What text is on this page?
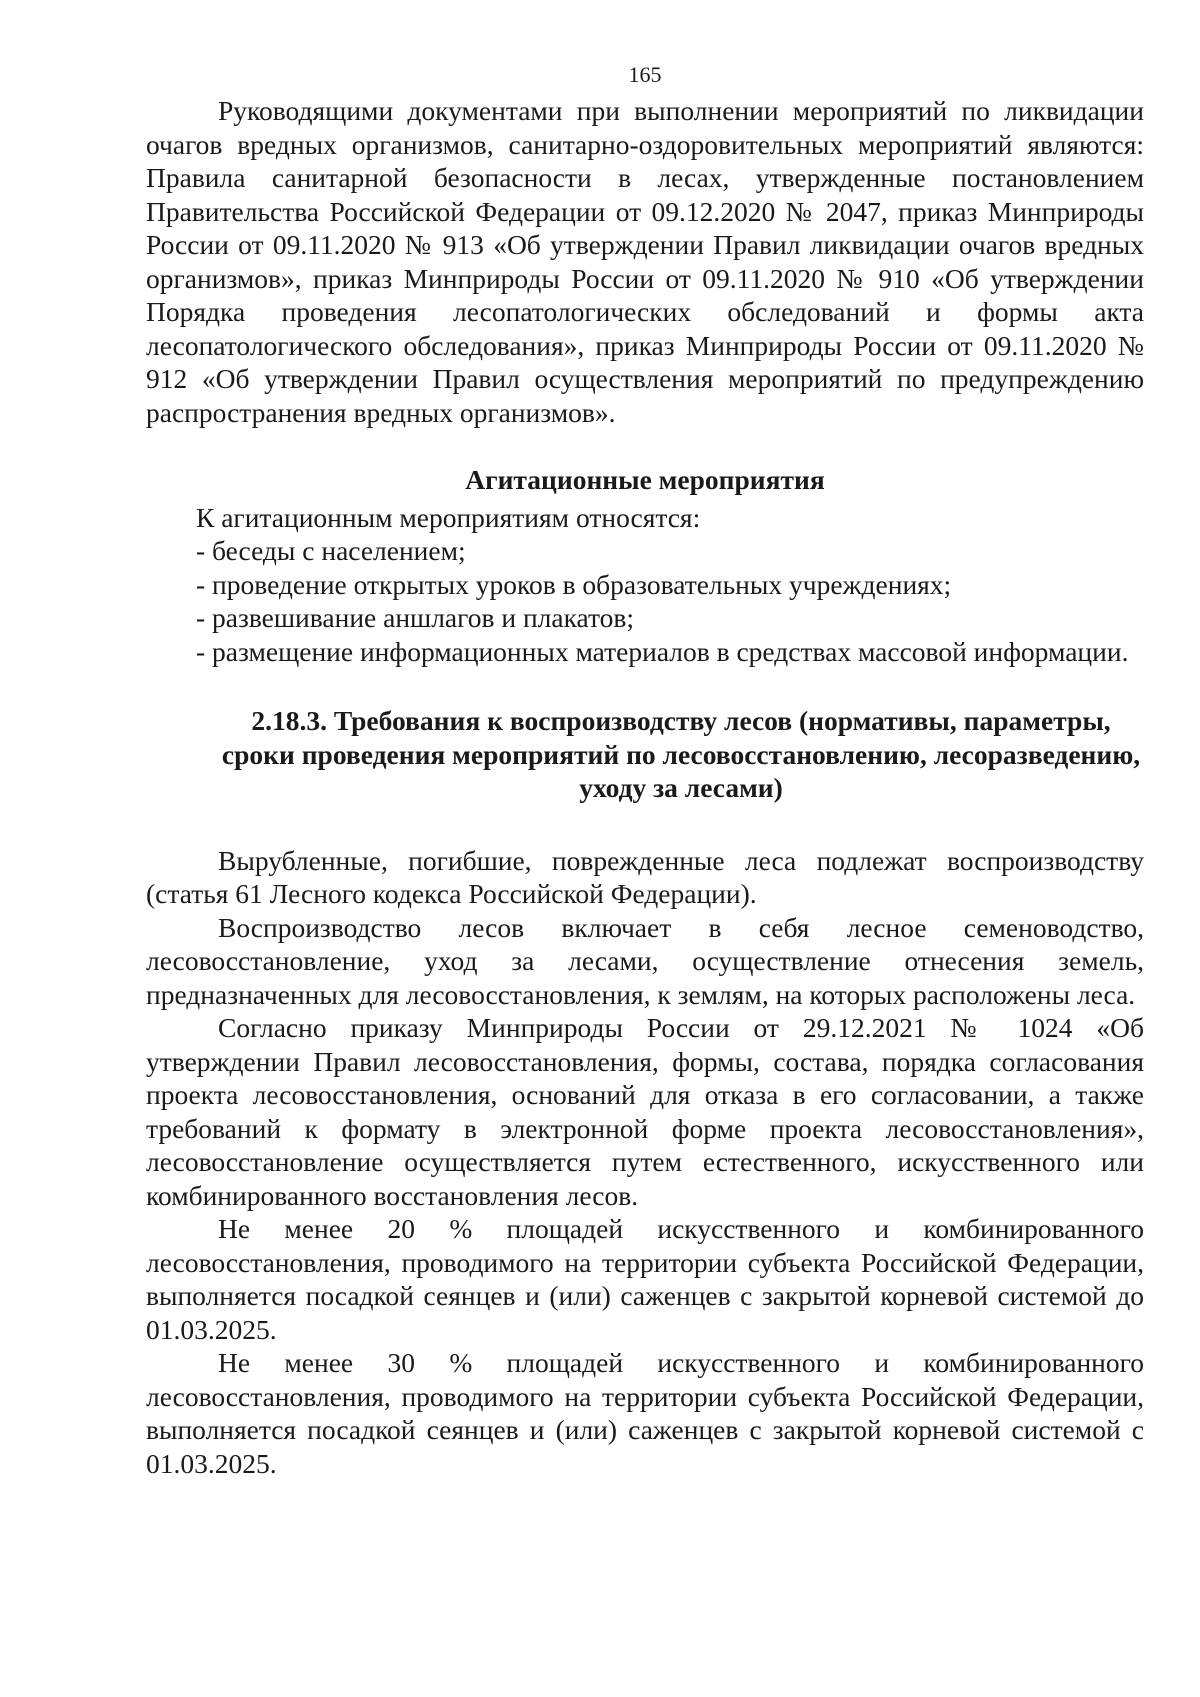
165

Руководящими документами при выполнении мероприятий по ликвидации очагов вредных организмов, санитарно-оздоровительных мероприятий являются: Правила санитарной безопасности в лесах, утвержденные постановлением Правительства Российской Федерации от 09.12.2020 № 2047, приказ Минприроды России от 09.11.2020 № 913 «Об утверждении Правил ликвидации очагов вредных организмов», приказ Минприроды России от 09.11.2020 № 910 «Об утверждении Порядка проведения лесопатологических обследований и формы акта лесопатологического обследования», приказ Минприроды России от 09.11.2020 № 912 «Об утверждении Правил осуществления мероприятий по предупреждению распространения вредных организмов».

Агитационные мероприятия

К агитационным мероприятиям относятся:

- беседы с населением;

- проведение открытых уроков в образовательных учреждениях;

- развешивание аншлагов и плакатов;

- размещение информационных материалов в средствах массовой информации.

2.18.3. Требования к воспроизводству лесов (нормативы, параметры,
сроки проведения мероприятий по лесовосстановлению, лесоразведению,
уходу за лесами)

Вырубленные, погибшие, поврежденные леса подлежат воспроизводству (статья 61 Лесного кодекса Российской Федерации).

Воспроизводство лесов включает в себя лесное семеноводство, лесовосстановление, уход за лесами, осуществление отнесения земель, предназначенных для лесовосстановления, к землям, на которых расположены леса.

Согласно приказу Минприроды России от 29.12.2021 № 1024 «Об утверждении Правил лесовосстановления, формы, состава, порядка согласования проекта лесовосстановления, оснований для отказа в его согласовании, а также требований к формату в электронной форме проекта лесовосстановления», лесовосстановление осуществляется путем естественного, искусственного или комбинированного восстановления лесов.

Не менее 20 % площадей искусственного и комбинированного лесовосстановления, проводимого на территории субъекта Российской Федерации, выполняется посадкой сеянцев и (или) саженцев с закрытой корневой системой до 01.03.2025.

Не менее 30 % площадей искусственного и комбинированного лесовосстановления, проводимого на территории субъекта Российской Федерации, выполняется посадкой сеянцев и (или) саженцев с закрытой корневой системой с 01.03.2025.
